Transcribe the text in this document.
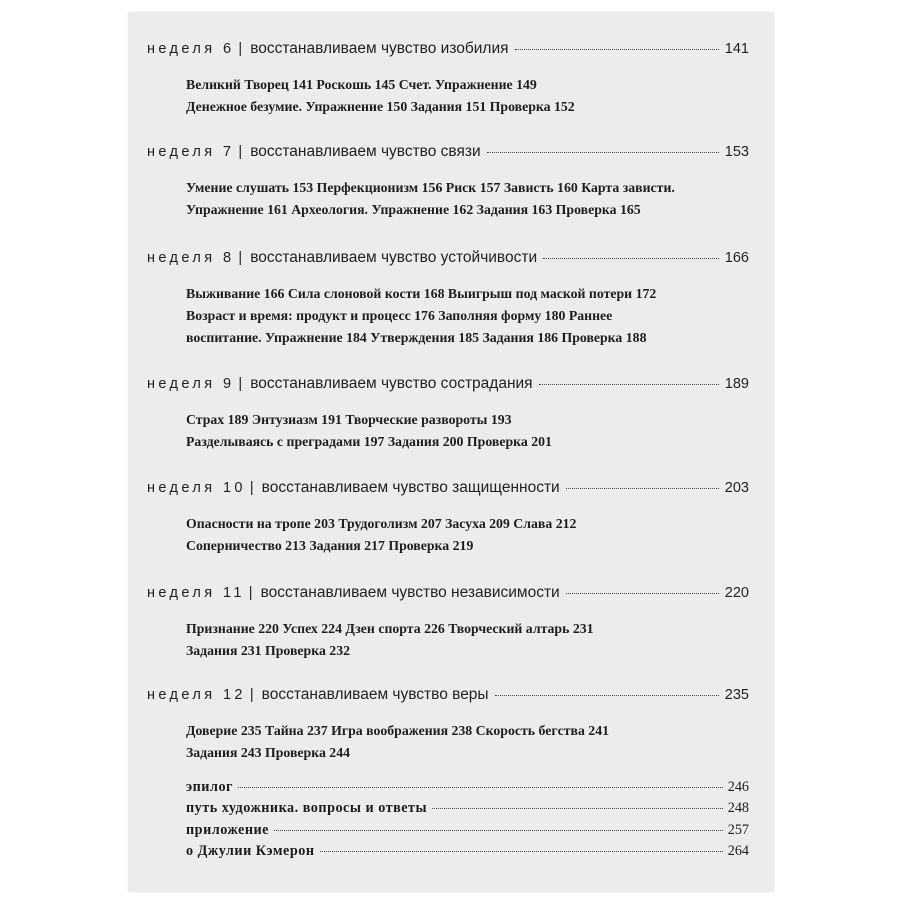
неделя 6 | восстанавливаем чувство изобилия	141
Великий Творец 141 Роскошь 145 Счет. Упражнение 149
Денежное безумие. Упражнение 150 Задания 151 Проверка 152
неделя 7 | восстанавливаем чувство связи	153
Умение слушать 153 Перфекционизм 156 Риск 157 Зависть 160 Карта зависти.
Упражнение 161 Археология. Упражнение 162 Задания 163 Проверка 165
неделя 8 | восстанавливаем чувство устойчивости	166
Выживание 166 Сила слоновой кости 168 Выигрыш под маской потери 172
Возраст и время: продукт и процесс 176 Заполняя форму 180 Раннее
воспитание. Упражнение 184 Утверждения 185 Задания 186 Проверка 188
неделя 9 | восстанавливаем чувство сострадания	189
Страх 189 Энтузиазм 191 Творческие развороты 193
Разделываясь с преградами 197 Задания 200 Проверка 201
неделя 10 | восстанавливаем чувство защищенности	203
Опасности на тропе 203 Трудоголизм 207 Засуха 209 Слава 212
Соперничество 213 Задания 217 Проверка 219
неделя 11 | восстанавливаем чувство независимости	220
Признание 220 Успех 224 Дзен спорта 226 Творческий алтарь 231
Задания 231 Проверка 232
неделя 12 | восстанавливаем чувство веры	235
Доверие 235 Тайна 237 Игра воображения 238 Скорость бегства 241
Задания 243 Проверка 244
эпилог	246
путь художника. вопросы и ответы	248
приложение	257
о Джулии Кэмерон	264
